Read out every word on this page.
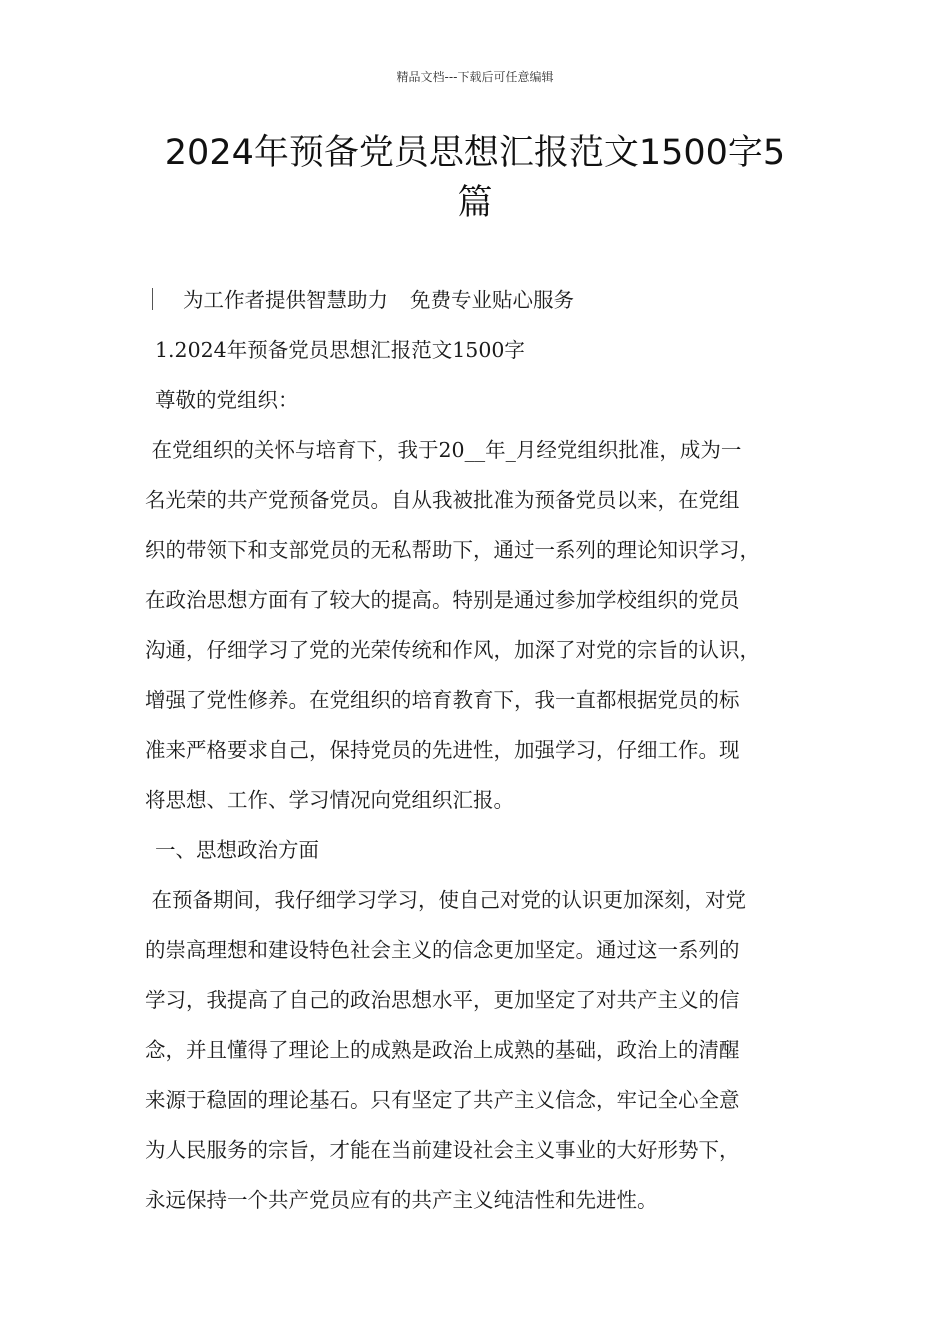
精品文档---下载后可任意编辑
2024年预备党员思想汇报范文1500字5
篇
为工作者提供智慧助力 免费专业贴心服务
1.2024年预备党员思想汇报范文1500字
尊敬的党组织：
在党组织的关怀与培育下，我于20__年_月经党组织批准，成为一
名光荣的共产党预备党员。自从我被批准为预备党员以来，在党组
织的带领下和支部党员的无私帮助下，通过一系列的理论知识学习，
在政治思想方面有了较大的提高。特别是通过参加学校组织的党员
沟通，仔细学习了党的光荣传统和作风，加深了对党的宗旨的认识，
增强了党性修养。在党组织的培育教育下，我一直都根据党员的标
准来严格要求自己，保持党员的先进性，加强学习，仔细工作。现
将思想、工作、学习情况向党组织汇报。
一、思想政治方面
在预备期间，我仔细学习学习，使自己对党的认识更加深刻，对党
的崇高理想和建设特色社会主义的信念更加坚定。通过这一系列的
学习，我提高了自己的政治思想水平，更加坚定了对共产主义的信
念，并且懂得了理论上的成熟是政治上成熟的基础，政治上的清醒
来源于稳固的理论基石。只有坚定了共产主义信念，牢记全心全意
为人民服务的宗旨，才能在当前建设社会主义事业的大好形势下，
永远保持一个共产党员应有的共产主义纯洁性和先进性。
